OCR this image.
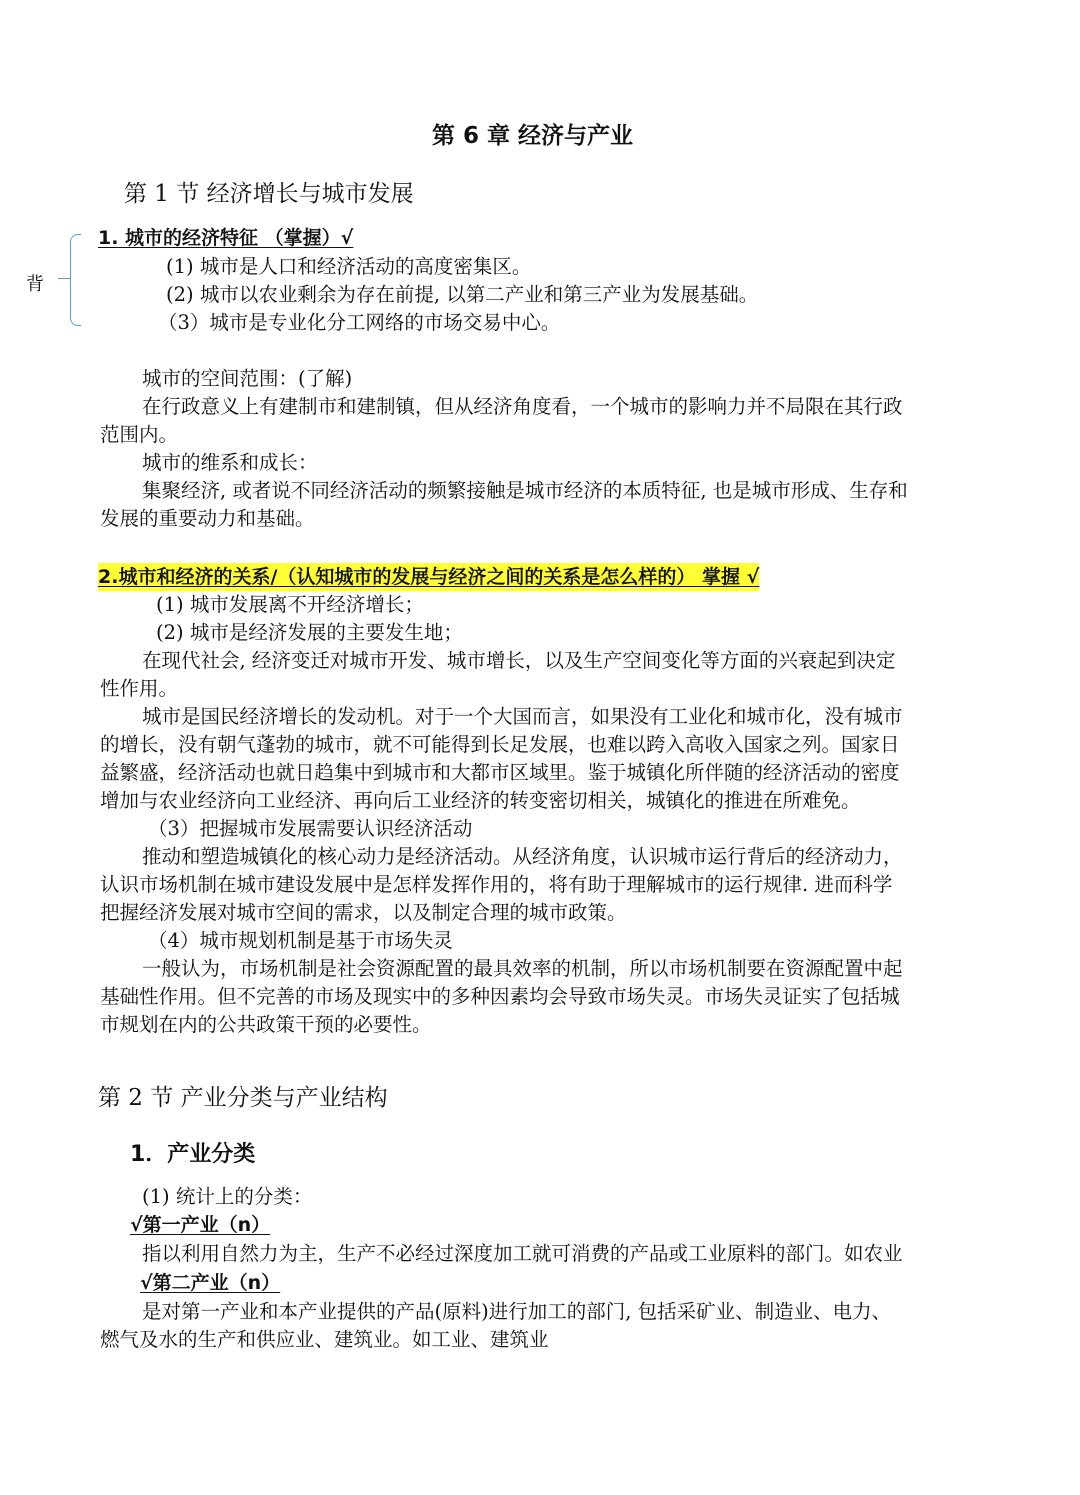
第 6 章 经济与产业
第 1 节 经济增长与城市发展
背
1. 城市的经济特征 （掌握）√
(1) 城市是人口和经济活动的高度密集区。
(2) 城市以农业剩余为存在前提, 以第二产业和第三产业为发展基础。
（3）城市是专业化分工网络的市场交易中心。
城市的空间范围：(了解)
在行政意义上有建制市和建制镇，但从经济角度看，一个城市的影响力并不局限在其行政
范围内。
城市的维系和成长：
集聚经济, 或者说不同经济活动的频繁接触是城市经济的本质特征, 也是城市形成、生存和
发展的重要动力和基础。
2.城市和经济的关系/（认知城市的发展与经济之间的关系是怎么样的） 掌握 √
(1) 城市发展离不开经济增长；
(2) 城市是经济发展的主要发生地；
在现代社会, 经济变迁对城市开发、城市增长，以及生产空间变化等方面的兴衰起到决定
性作用。
城市是国民经济增长的发动机。对于一个大国而言，如果没有工业化和城市化，没有城市
的增长，没有朝气蓬勃的城市，就不可能得到长足发展，也难以跨入高收入国家之列。国家日
益繁盛，经济活动也就日趋集中到城市和大都市区域里。鉴于城镇化所伴随的经济活动的密度
增加与农业经济向工业经济、再向后工业经济的转变密切相关，城镇化的推进在所难免。
（3）把握城市发展需要认识经济活动
推动和塑造城镇化的核心动力是经济活动。从经济角度，认识城市运行背后的经济动力，
认识市场机制在城市建设发展中是怎样发挥作用的，将有助于理解城市的运行规律. 进而科学
把握经济发展对城市空间的需求，以及制定合理的城市政策。
（4）城市规划机制是基于市场失灵
一般认为，市场机制是社会资源配置的最具效率的机制，所以市场机制要在资源配置中起
基础性作用。但不完善的市场及现实中的多种因素均会导致市场失灵。市场失灵证实了包括城
市规划在内的公共政策干预的必要性。
第 2 节 产业分类与产业结构
1．产业分类
(1) 统计上的分类：
√第一产业（n）
指以利用自然力为主，生产不必经过深度加工就可消费的产品或工业原料的部门。如农业
√第二产业（n）
是对第一产业和本产业提供的产品(原料)进行加工的部门, 包括采矿业、制造业、电力、
燃气及水的生产和供应业、建筑业。如工业、建筑业
